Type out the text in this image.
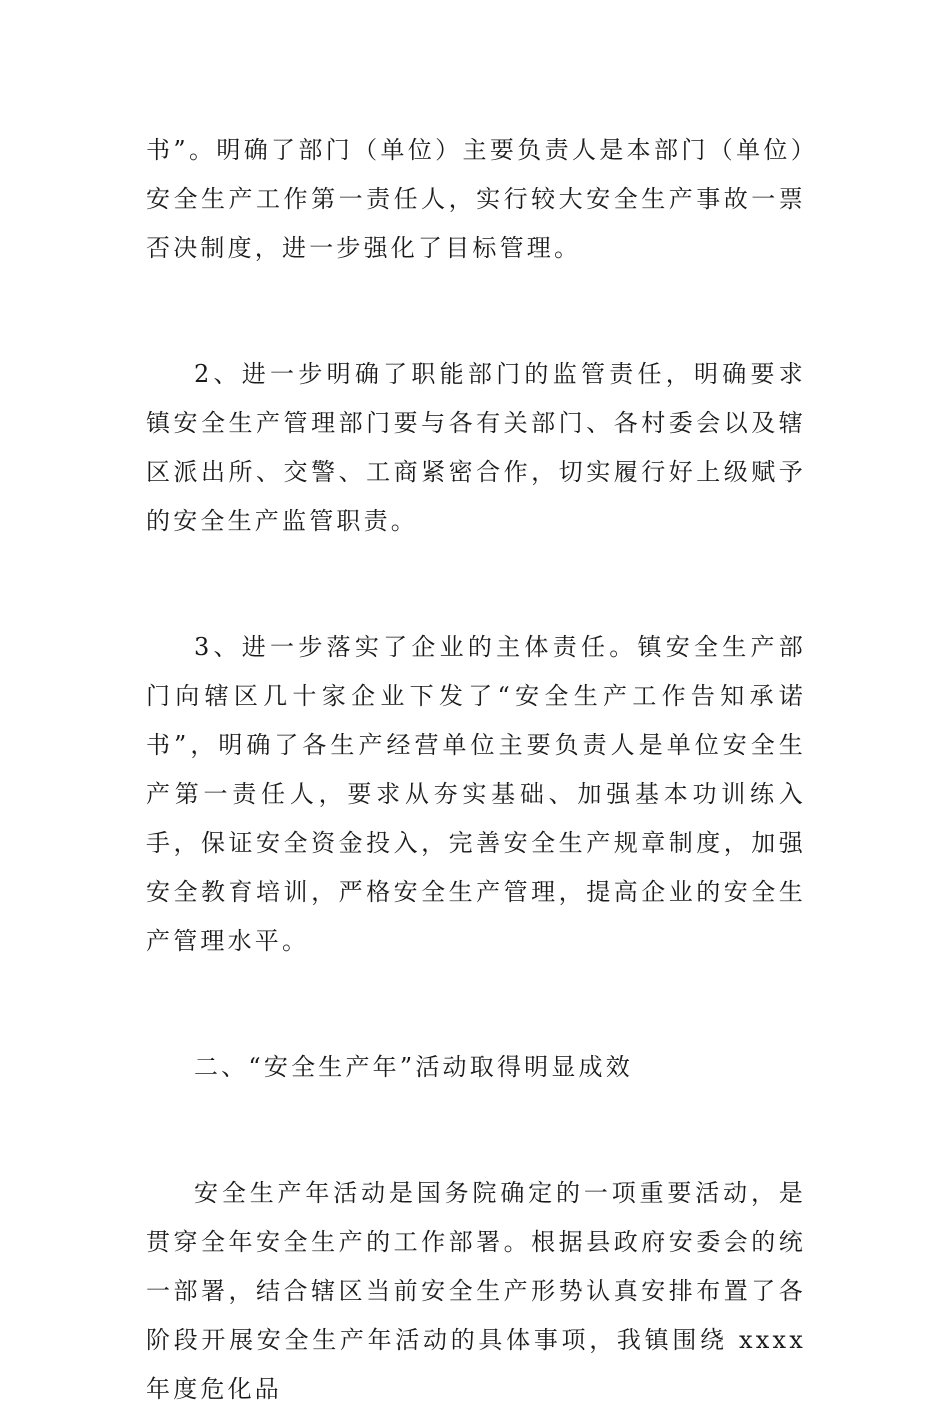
书”。明确了部门（单位）主要负责人是本部门（单位）安全生产工作第一责任人，实行较大安全生产事故一票否决制度，进一步强化了目标管理。

2、进一步明确了职能部门的监管责任，明确要求镇安全生产管理部门要与各有关部门、各村委会以及辖区派出所、交警、工商紧密合作，切实履行好上级赋予的安全生产监管职责。

3、进一步落实了企业的主体责任。镇安全生产部门向辖区几十家企业下发了“安全生产工作告知承诺书”，明确了各生产经营单位主要负责人是单位安全生产第一责任人，要求从夯实基础、加强基本功训练入手，保证安全资金投入，完善安全生产规章制度，加强安全教育培训，严格安全生产管理，提高企业的安全生产管理水平。

二、“安全生产年”活动取得明显成效

安全生产年活动是国务院确定的一项重要活动，是贯穿全年安全生产的工作部署。根据县政府安委会的统一部署，结合辖区当前安全生产形势认真安排布置了各阶段开展安全生产年活动的具体事项，我镇围绕 xxxx 年度危化品
